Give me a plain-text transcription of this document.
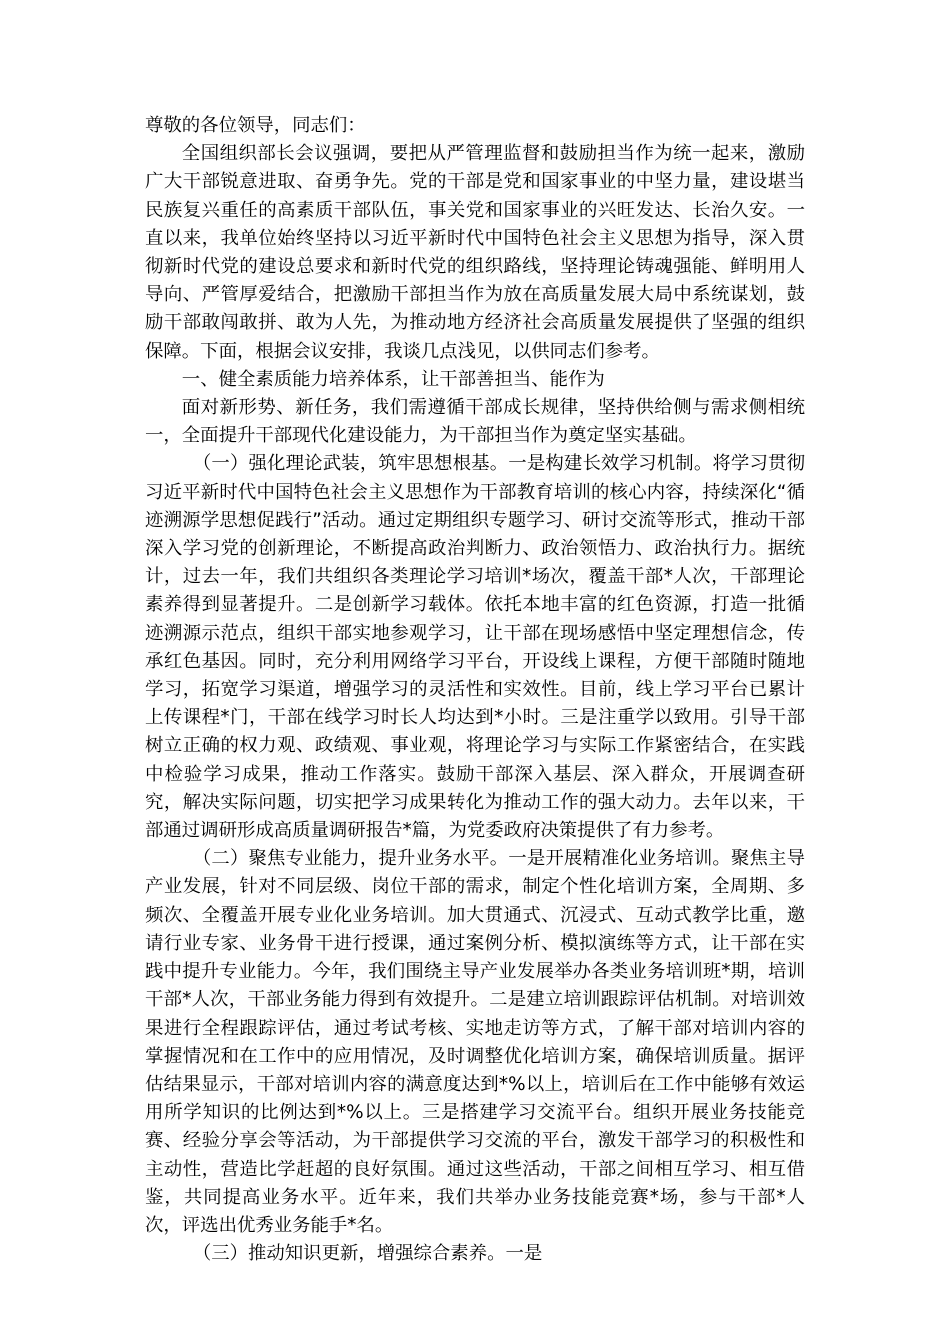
尊敬的各位领导，同志们：

全国组织部长会议强调，要把从严管理监督和鼓励担当作为统一起来，激励广大干部锐意进取、奋勇争先。党的干部是党和国家事业的中坚力量，建设堪当民族复兴重任的高素质干部队伍，事关党和国家事业的兴旺发达、长治久安。一直以来，我单位始终坚持以习近平新时代中国特色社会主义思想为指导，深入贯彻新时代党的建设总要求和新时代党的组织路线，坚持理论铸魂强能、鲜明用人导向、严管厚爱结合，把激励干部担当作为放在高质量发展大局中系统谋划，鼓励干部敢闯敢拼、敢为人先，为推动地方经济社会高质量发展提供了坚强的组织保障。下面，根据会议安排，我谈几点浅见，以供同志们参考。

一、健全素质能力培养体系，让干部善担当、能作为

面对新形势、新任务，我们需遵循干部成长规律，坚持供给侧与需求侧相统一，全面提升干部现代化建设能力，为干部担当作为奠定坚实基础。

（一）强化理论武装，筑牢思想根基。一是构建长效学习机制。将学习贯彻习近平新时代中国特色社会主义思想作为干部教育培训的核心内容，持续深化“循迹溯源学思想促践行”活动。通过定期组织专题学习、研讨交流等形式，推动干部深入学习党的创新理论，不断提高政治判断力、政治领悟力、政治执行力。据统计，过去一年，我们共组织各类理论学习培训*场次，覆盖干部*人次，干部理论素养得到显著提升。二是创新学习载体。依托本地丰富的红色资源，打造一批循迹溯源示范点，组织干部实地参观学习，让干部在现场感悟中坚定理想信念，传承红色基因。同时，充分利用网络学习平台，开设线上课程，方便干部随时随地学习，拓宽学习渠道，增强学习的灵活性和实效性。目前，线上学习平台已累计上传课程*门，干部在线学习时长人均达到*小时。三是注重学以致用。引导干部树立正确的权力观、政绩观、事业观，将理论学习与实际工作紧密结合，在实践中检验学习成果，推动工作落实。鼓励干部深入基层、深入群众，开展调查研究，解决实际问题，切实把学习成果转化为推动工作的强大动力。去年以来，干部通过调研形成高质量调研报告*篇，为党委政府决策提供了有力参考。

（二）聚焦专业能力，提升业务水平。一是开展精准化业务培训。聚焦主导产业发展，针对不同层级、岗位干部的需求，制定个性化培训方案，全周期、多频次、全覆盖开展专业化业务培训。加大贯通式、沉浸式、互动式教学比重，邀请行业专家、业务骨干进行授课，通过案例分析、模拟演练等方式，让干部在实践中提升专业能力。今年，我们围绕主导产业发展举办各类业务培训班*期，培训干部*人次，干部业务能力得到有效提升。二是建立培训跟踪评估机制。对培训效果进行全程跟踪评估，通过考试考核、实地走访等方式，了解干部对培训内容的掌握情况和在工作中的应用情况，及时调整优化培训方案，确保培训质量。据评估结果显示，干部对培训内容的满意度达到*%以上，培训后在工作中能够有效运用所学知识的比例达到*%以上。三是搭建学习交流平台。组织开展业务技能竞赛、经验分享会等活动，为干部提供学习交流的平台，激发干部学习的积极性和主动性，营造比学赶超的良好氛围。通过这些活动，干部之间相互学习、相互借鉴，共同提高业务水平。近年来，我们共举办业务技能竞赛*场，参与干部*人次，评选出优秀业务能手*名。

（三）推动知识更新，增强综合素养。一是
